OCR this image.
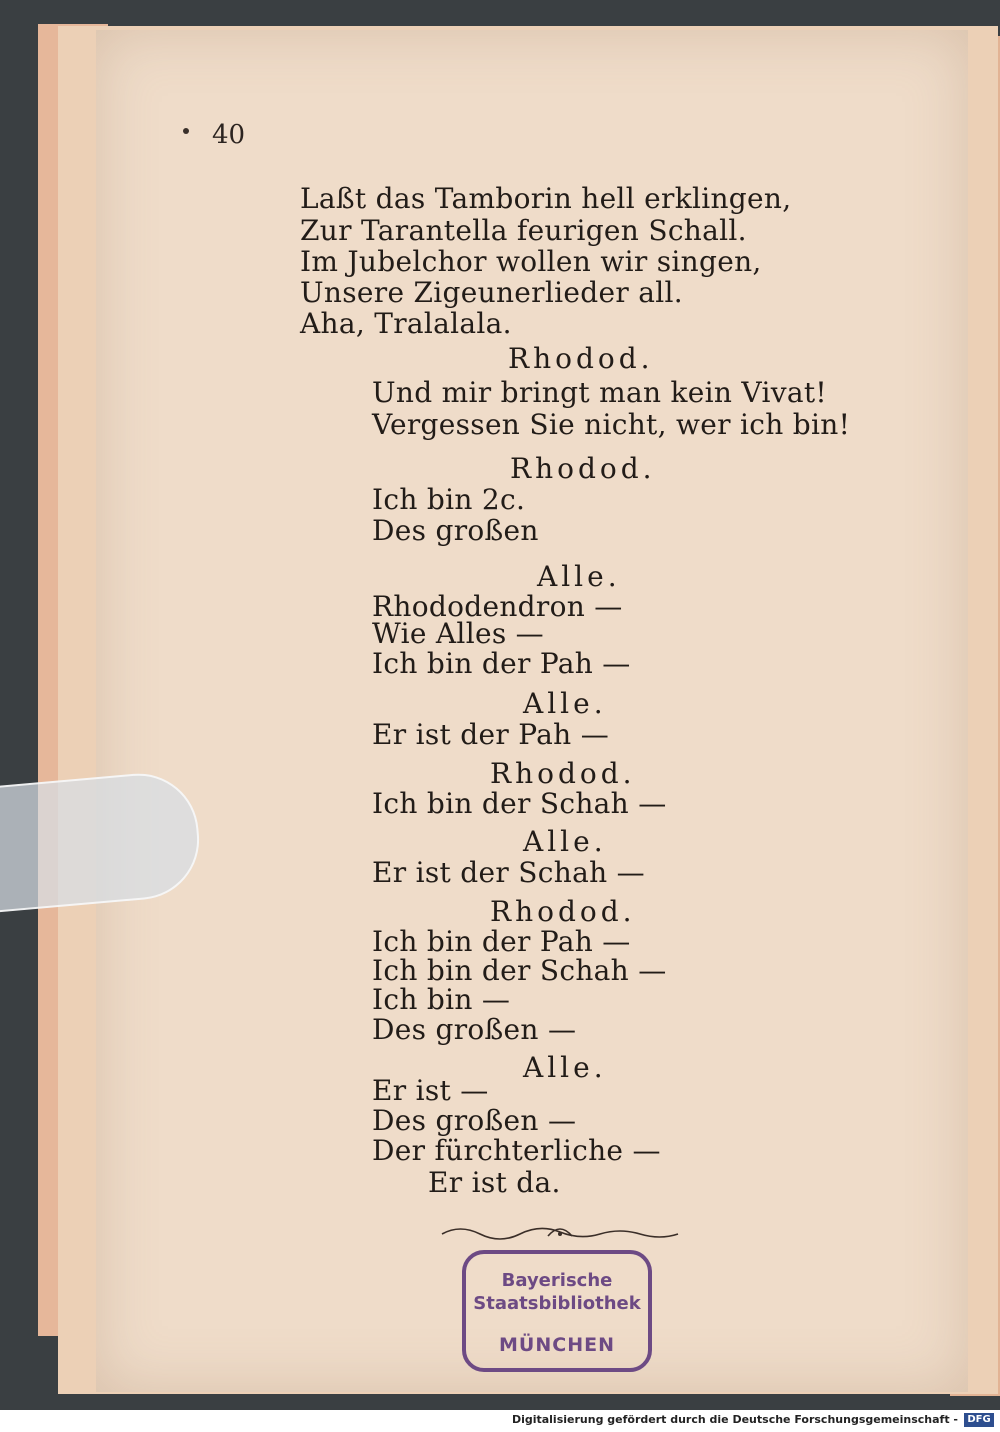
40
Laßt das Tamborin hell erklingen,
Zur Tarantella feurigen Schall.
Im Jubelchor wollen wir singen,
Unsere Zigeunerlieder all.
Aha, Tralalala.
Rhodod.
Und mir bringt man kein Vivat!
Vergessen Sie nicht, wer ich bin!
Rhodod.
Ich bin 2c.
Des großen
Alle.
Rhododendron —
Wie Alles —
Ich bin der Pah —
Alle.
Er ist der Pah —
Rhodod.
Ich bin der Schah —
Alle.
Er ist der Schah —
Rhodod.
Ich bin der Pah —
Ich bin der Schah —
Ich bin —
Des großen —
Alle.
Er ist —
Des großen —
Der fürchterliche —
Er ist da.
Bayerische
Staatsbibliothek
MÜNCHEN
Digitalisierung gefördert durch die Deutsche Forschungsgemeinschaft - DFG
